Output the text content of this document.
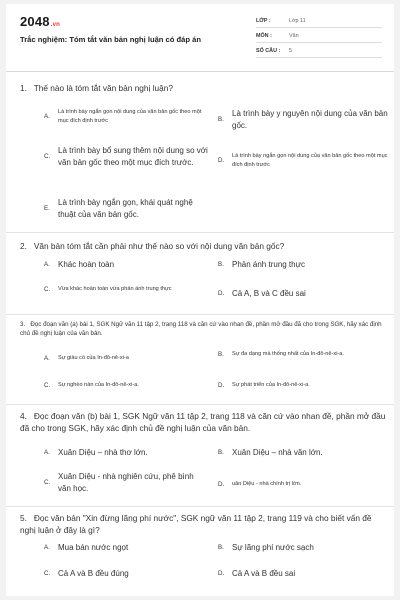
2048.vn
Trắc nghiệm: Tóm tắt văn bản nghị luận có đáp án
LỚP :	Lớp 11
MÔN :	Văn
SỐ CÂU : 5
1. Thế nào là tóm tắt văn bản nghị luận?
A.
Là trình bày ngắn gọn nội dung của văn bản gốc theo một mục đích định trước	B.
Là trình bày y nguyên nội dung của văn bản gốc.
C.
Là trình bày bổ sung thêm nội dung so với văn bản gốc theo một mục đích trước.	D.
Là trình bày ngắn gọn nội dung của văn bản gốc theo một mục đích định trước
E.
Là trình bày ngắn gọn, khái quát nghệ thuật của văn bản gốc.
2. Văn bản tóm tắt cần phải như thế nào so với nội dung văn bản gốc?
A.	Khác hoàn toàn	B.	Phản ánh trung thực
C.	Vừa khác hoàn toàn vừa phản ánh trung thực
D. Cả A, B và C đều sai
3. Đọc đoạn văn (a) bài 1, SGK Ngữ văn 11 tập 2, trang 118 và căn cứ vào nhan đề, phần mở đầu đã cho trong SGK, hãy xác định chủ đề nghị luận của văn bản.
A.	Sự giàu có của In-đô-nê-xi-a
B.	Sự đa dạng mà thống nhất của In-đô-nê-xi-a.
C.	Sự nghèo nàn của In-đô-nê-xi-a.	D.	Sự phát triển của In-đô-nê-xi-a.
4. Đọc đoạn văn (b) bài 1, SGK Ngữ văn 11 tập 2, trang 118 và căn cứ vào nhan đề, phần mở đầu đã cho trong SGK, hãy xác định chủ đề nghị luận của văn bản.
A.	Xuân Diệu – nhà thơ lớn.	B.	Xuân Diệu – nhà văn lớn.
C.
Xuân Diệu - nhà nghiên cứu, phê bình văn học.	D.	uân Diệu - nhà chính trị lớn.
5. Đọc văn bản "Xin đừng lãng phí nước", SGK ngữ văn 11 tập 2, trang 119 và cho biết vấn đề nghị luận ở đây là gì?
A.	Mua bán nước ngọt	B.	Sự lãng phí nước sạch
C. Cả A và B đều đúng	D. Cả A và B đều sai
